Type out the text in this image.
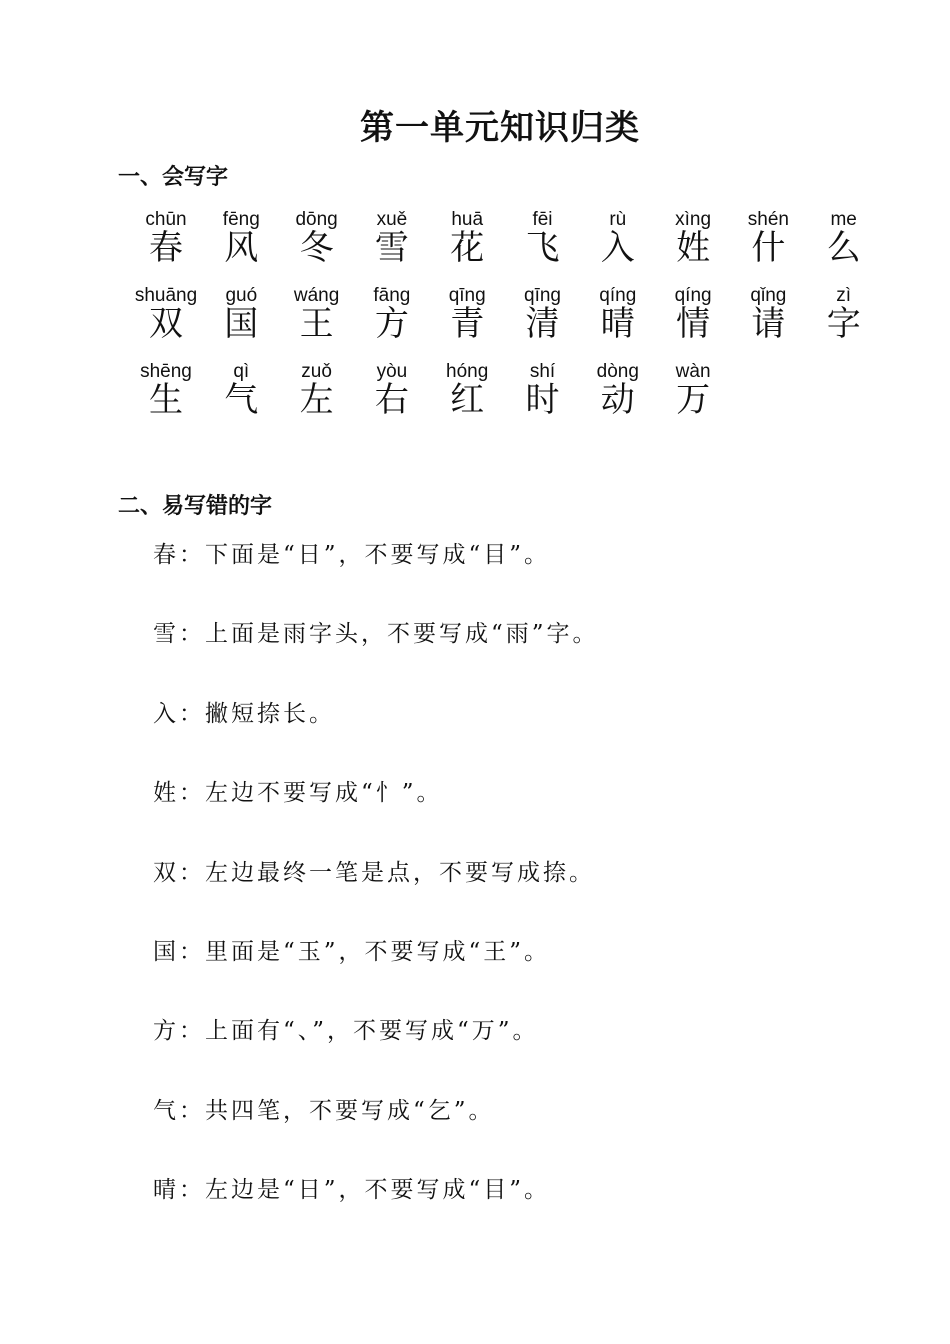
第一单元知识归类
一、会写字
chūn
春
fēng
风
dōng
冬
xuě
雪
huā
花
fēi
飞
rù
入
xìng
姓
shén
什
me
么
shuāng
双
guó
国
wáng
王
fāng
方
qīng
青
qīng
清
qíng
晴
qíng
情
qǐng
请
zì
字
shēng
生
qì
气
zuǒ
左
yòu
右
hóng
红
shí
时
dòng
动
wàn
万
二、易写错的字
春：下面是“日”，不要写成“目”。
雪：上面是雨字头，不要写成“雨”字。
入：撇短捺长。
姓：左边不要写成“忄”。
双：左边最终一笔是点，不要写成捺。
国：里面是“玉”，不要写成“王”。
方：上面有“、”，不要写成“万”。
气：共四笔，不要写成“乞”。
晴：左边是“日”，不要写成“目”。
